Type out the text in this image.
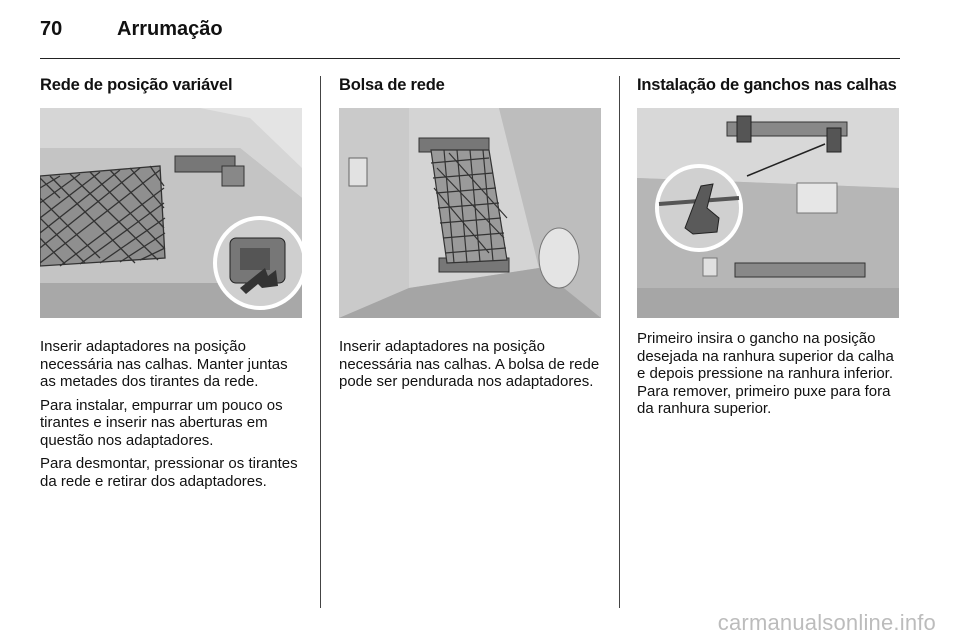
70	Arrumação
Rede de posição variável

Inserir adaptadores na posição necessária nas calhas. Manter juntas as metades dos tirantes da rede.

Para instalar, empurrar um pouco os tirantes e inserir nas aberturas em questão nos adaptadores.

Para desmontar, pressionar os tirantes da rede e retirar dos adaptadores.

Bolsa de rede

Inserir adaptadores na posição necessária nas calhas. A bolsa de rede pode ser pendurada nos adaptadores.

Instalação de ganchos nas calhas

Primeiro insira o gancho na posição desejada na ranhura superior da calha e depois pressione na ranhura inferior. Para remover, primeiro puxe para fora da ranhura superior.

carmanualsonline.info
